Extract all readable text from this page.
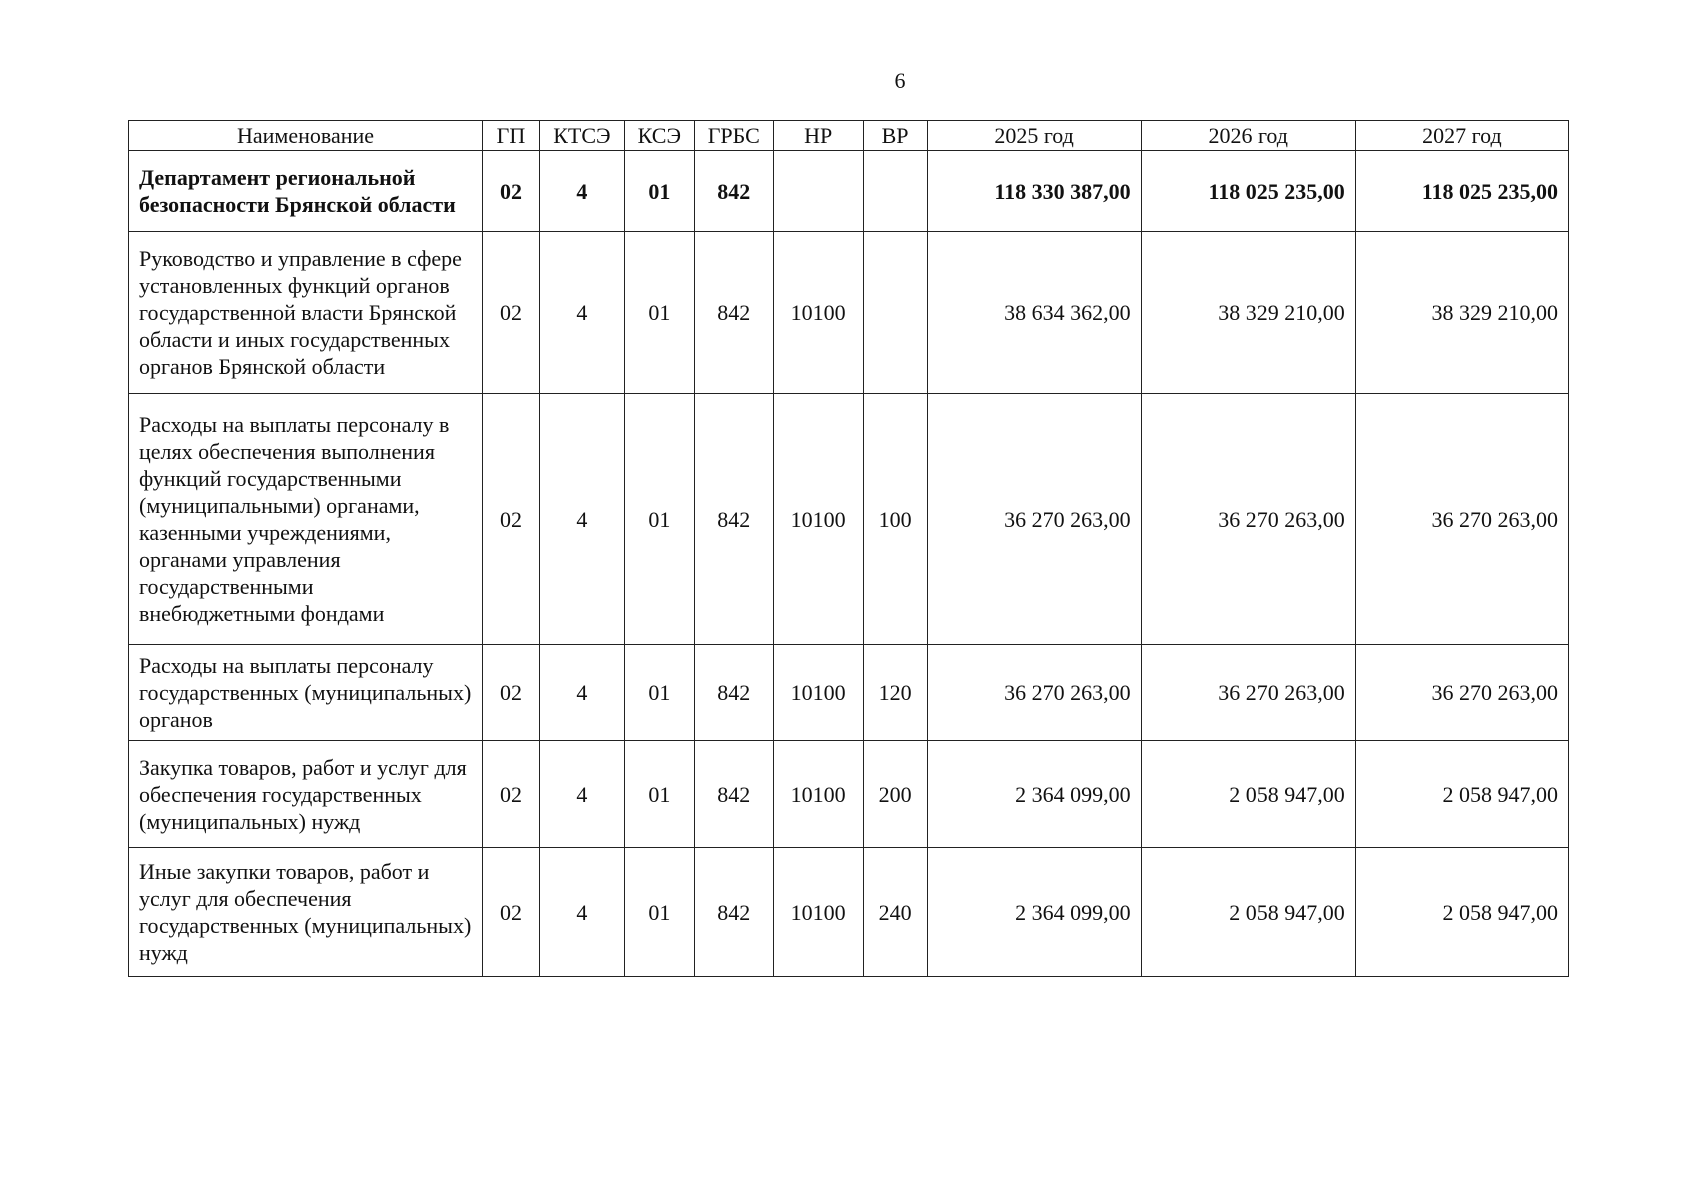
6
Наименование	ГП	КТСЭ	КСЭ	ГРБС	НР	ВР	2025 год	2026 год	2027 год
Департамент региональной безопасности Брянской области	02	4	01	842			118 330 387,00	118 025 235,00	118 025 235,00
Руководство и управление в сфере установленных функций органов государственной власти Брянской области и иных государственных органов Брянской области	02	4	01	842	10100		38 634 362,00	38 329 210,00	38 329 210,00
Расходы на выплаты персоналу в целях обеспечения выполнения функций государственными (муниципальными) органами, казенными учреждениями, органами управления государственными внебюджетными фондами	02	4	01	842	10100	100	36 270 263,00	36 270 263,00	36 270 263,00
Расходы на выплаты персоналу государственных (муниципальных) органов	02	4	01	842	10100	120	36 270 263,00	36 270 263,00	36 270 263,00
Закупка товаров, работ и услуг для обеспечения государственных (муниципальных) нужд	02	4	01	842	10100	200	2 364 099,00	2 058 947,00	2 058 947,00
Иные закупки товаров, работ и услуг для обеспечения государственных (муниципальных) нужд	02	4	01	842	10100	240	2 364 099,00	2 058 947,00	2 058 947,00
